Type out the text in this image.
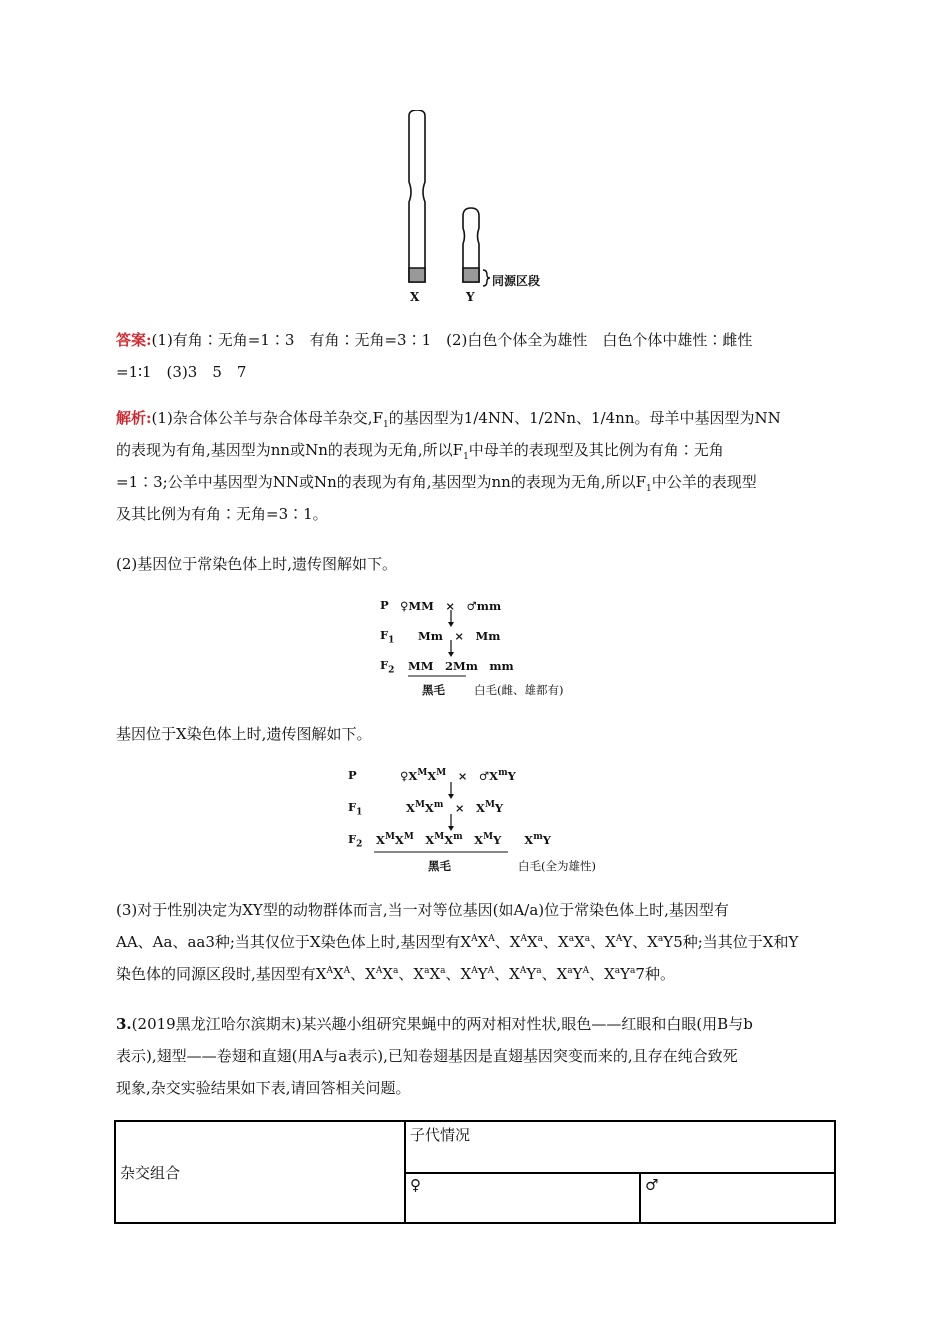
X	Y
同源区段
答案:(1)有角∶无角=1∶3　有角∶无角=3∶1　(2)白色个体全为雄性　白色个体中雄性∶雌性
=1∶1　(3)3　5　7
解析:(1)杂合体公羊与杂合体母羊杂交$,F_1$的基因型为1/4NN、1/2Nn、1/4nn。母羊中基因型为NN
的表现为有角,基因型为nn或Nn的表现为无角,所以$F_1$中母羊的表现型及其比例为有角∶无角
=1∶3;公羊中基因型为NN或Nn的表现为有角,基因型为nn的表现为无角,所以$F_1$中公羊的表现型
及其比例为有角∶无角=3∶1。
(2)基因位于常染色体上时,遗传图解如下。
P ♀MM　×　♂mm
$F_1$ Mm　×　Mm
$F_2$ MM　2Mm　mm
黑毛	白毛(雌、雄都有)
基因位于X染色体上时,遗传图解如下。
P	$♀X^MX^M$　×　$♂X^mY$
$F_1$	$X^MX^m$　×　$X^MY$
$F_2$ $X^MX^M$　$X^MX^m$　$X^MY$　　$X^mY$
黑毛	白毛(全为雄性)
(3)对于性别决定为XY型的动物群体而言,当一对等位基因(如A/a)位于常染色体上时,基因型有
AA、Aa、aa3种;当其仅位于X染色体上时,基因型有$X^AX^A$、$X^AX^a$、$X^aX^a$、$X^AY$、$X^aY5$种;当其位于X和Y
染色体的同源区段时,基因型有$X^AX^A$、$X^AX^a$、$X^aX^a$、$X^AY^A$、$X^AY^a$、$X^aY^A$、$X^aY^a7$种。
3.(2019黑龙江哈尔滨期末)某兴趣小组研究果蝇中的两对相对性状,眼色——红眼和白眼(用B与b
表示),翅型——卷翅和直翅(用A与a表示),已知卷翅基因是直翅基因突变而来的,且存在纯合致死
现象,杂交实验结果如下表,请回答相关问题。
杂交组合	子代情况	
	♀	♂
